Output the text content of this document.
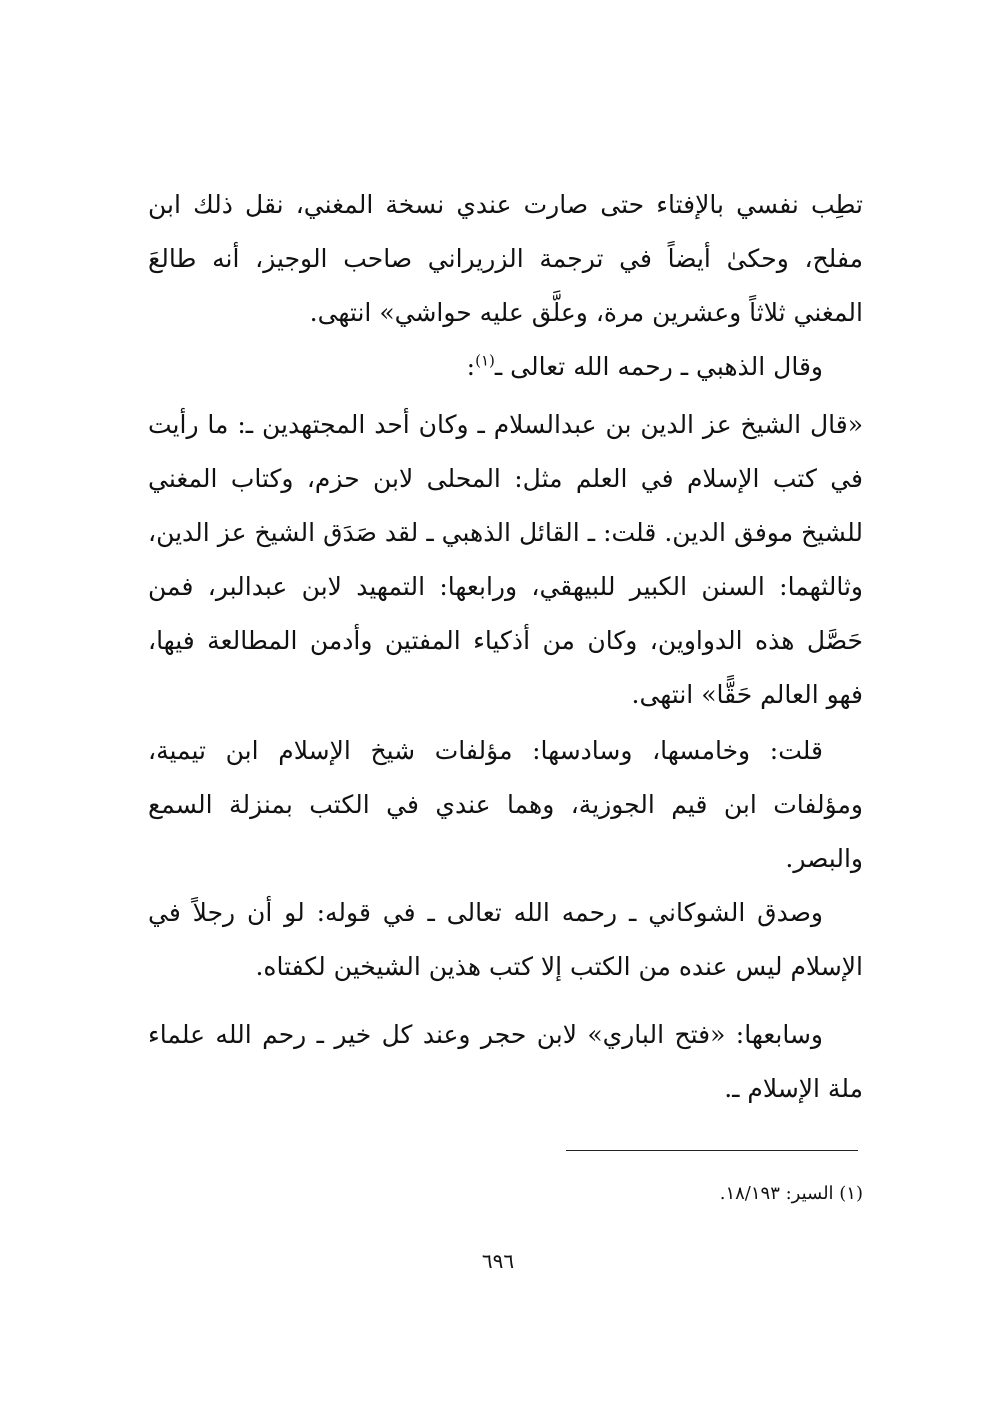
تطِب نفسي بالإفتاء حتى صارت عندي نسخة المغني، نقل ذلك ابن مفلح، وحكىٰ أيضاً في ترجمة الزريراني صاحب الوجيز، أنه طالعَ المغني ثلاثاً وعشرين مرة، وعلَّق عليه حواشي» انتهى.

وقال الذهبي ـ رحمه الله تعالى ـ$^{(١)}$:

«قال الشيخ عز الدين بن عبدالسلام ـ وكان أحد المجتهدين ـ: ما رأيت في كتب الإسلام في العلم مثل: المحلى لابن حزم، وكتاب المغني للشيخ موفق الدين. قلت: ـ القائل الذهبي ـ لقد صَدَق الشيخ عز الدين، وثالثهما: السنن الكبير للبيهقي، ورابعها: التمهيد لابن عبدالبر، فمن حَصَّل هذه الدواوين، وكان من أذكياء المفتين وأدمن المطالعة فيها، فهو العالم حَقًّا» انتهى.

قلت: وخامسها، وسادسها: مؤلفات شيخ الإسلام ابن تيمية، ومؤلفات ابن قيم الجوزية، وهما عندي في الكتب بمنزلة السمع والبصر.

وصدق الشوكاني ـ رحمه الله تعالى ـ في قوله: لو أن رجلاً في الإسلام ليس عنده من الكتب إلا كتب هذين الشيخين لكفتاه.

وسابعها: «فتح الباري» لابن حجر وعند كل خير ـ رحم الله علماء ملة الإسلام ـ.

(١) السير: ١٨/١٩٣.

٦٩٦
